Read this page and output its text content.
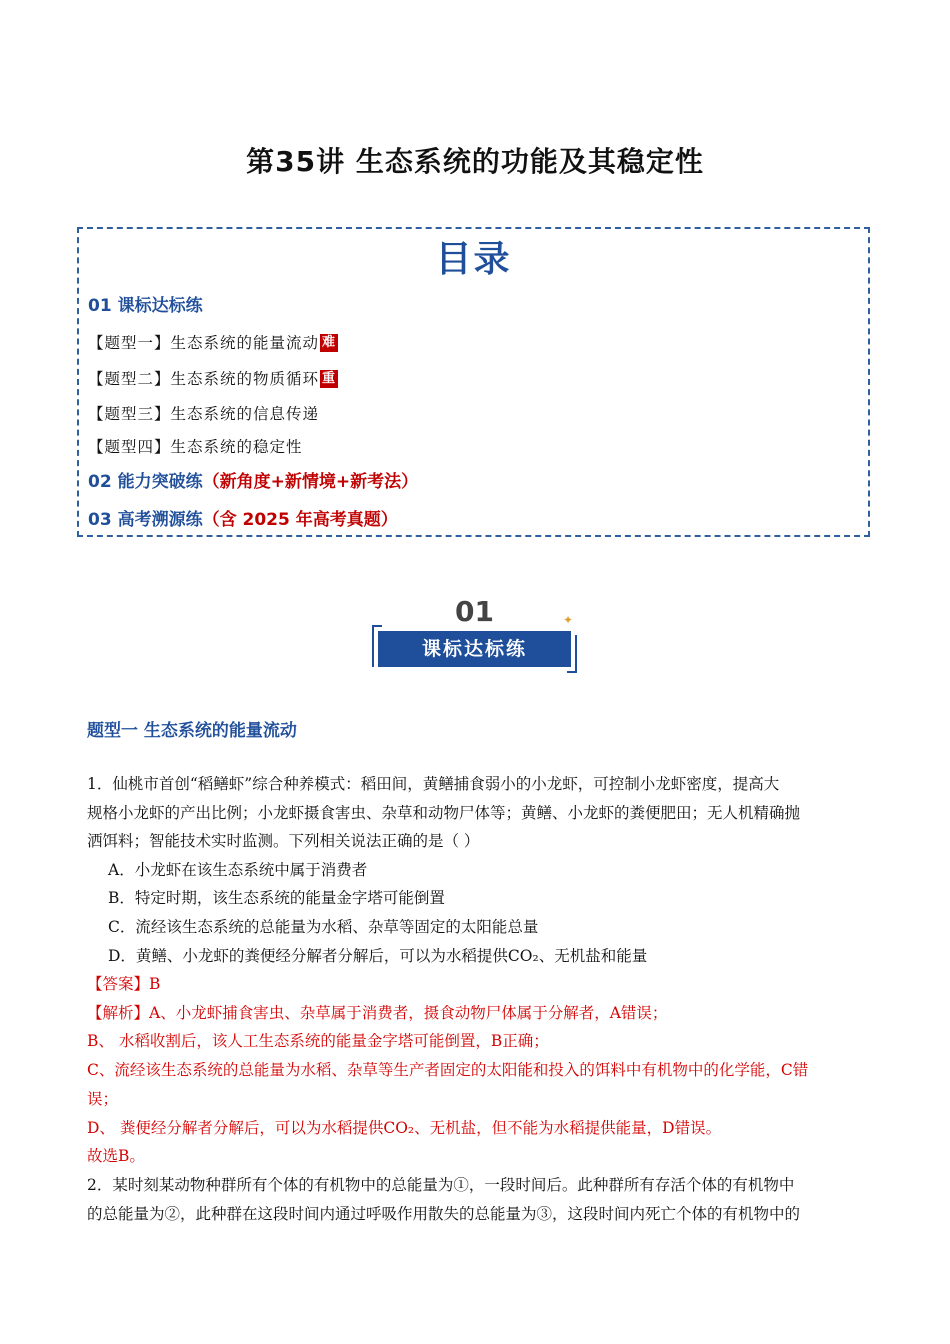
第35讲 生态系统的功能及其稳定性
目录
01 课标达标练
【题型一】生态系统的能量流动 难
【题型二】生态系统的物质循环 重
【题型三】生态系统的信息传递
【题型四】生态系统的稳定性
02 能力突破练（新角度+新情境+新考法）
03 高考溯源练（含 2025 年高考真题）
01	✦
课标达标练
题型一 生态系统的能量流动
1．仙桃市首创“稻鳝虾”综合种养模式：稻田间，黄鳝捕食弱小的小龙虾，可控制小龙虾密度，提高大
规格小龙虾的产出比例；小龙虾摄食害虫、杂草和动物尸体等；黄鳝、小龙虾的粪便肥田；无人机精确抛
洒饵料；智能技术实时监测。下列相关说法正确的是（ ）
A．小龙虾在该生态系统中属于消费者
B．特定时期，该生态系统的能量金字塔可能倒置
C．流经该生态系统的总能量为水稻、杂草等固定的太阳能总量
D．黄鳝、小龙虾的粪便经分解者分解后，可以为水稻提供CO₂、无机盐和能量
【答案】B
【解析】A、小龙虾捕食害虫、杂草属于消费者，摄食动物尸体属于分解者，A错误；
B、 水稻收割后，该人工生态系统的能量金字塔可能倒置，B正确；
C、流经该生态系统的总能量为水稻、杂草等生产者固定的太阳能和投入的饵料中有机物中的化学能，C错
误；
D、 粪便经分解者分解后，可以为水稻提供CO₂、无机盐，但不能为水稻提供能量，D错误。
故选B。
2．某时刻某动物种群所有个体的有机物中的总能量为①，一段时间后。此种群所有存活个体的有机物中
的总能量为②，此种群在这段时间内通过呼吸作用散失的总能量为③，这段时间内死亡个体的有机物中的
